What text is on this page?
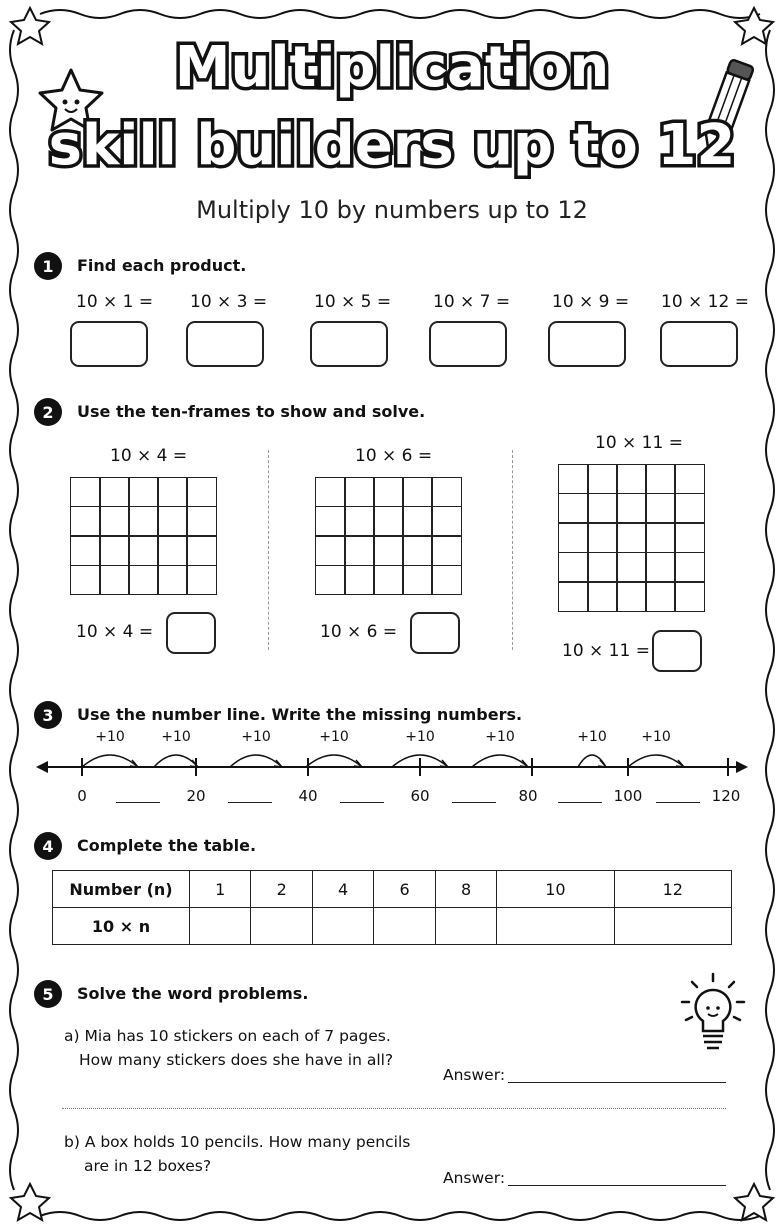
Multiplication
skill builders up to 12
Multiply 10 by numbers up to 12
1	Find each product.
10 × 1 = 10 × 3 =	10 × 5 = 10 × 7 = 10 × 9 = 10 × 12 =
2	Use the ten-frames to show and solve.
10 × 4 =	10 × 6 =
10 × 11 =
10 × 4 =	10 × 6 =
10 × 11 =
3	Use the number line. Write the missing numbers.
+10	+10	+10	+10	+10	+10	+10	+10
0	20	40	60	80	100	120
4	Complete the table.
Number (n)	1	2	4	6	8	10	12
10 × n							
5	Solve the word problems.
a) Mia has 10 stickers on each of 7 pages.
How many stickers does she have in all?
Answer:
b) A box holds 10 pencils. How many pencils
are in 12 boxes?
Answer:
